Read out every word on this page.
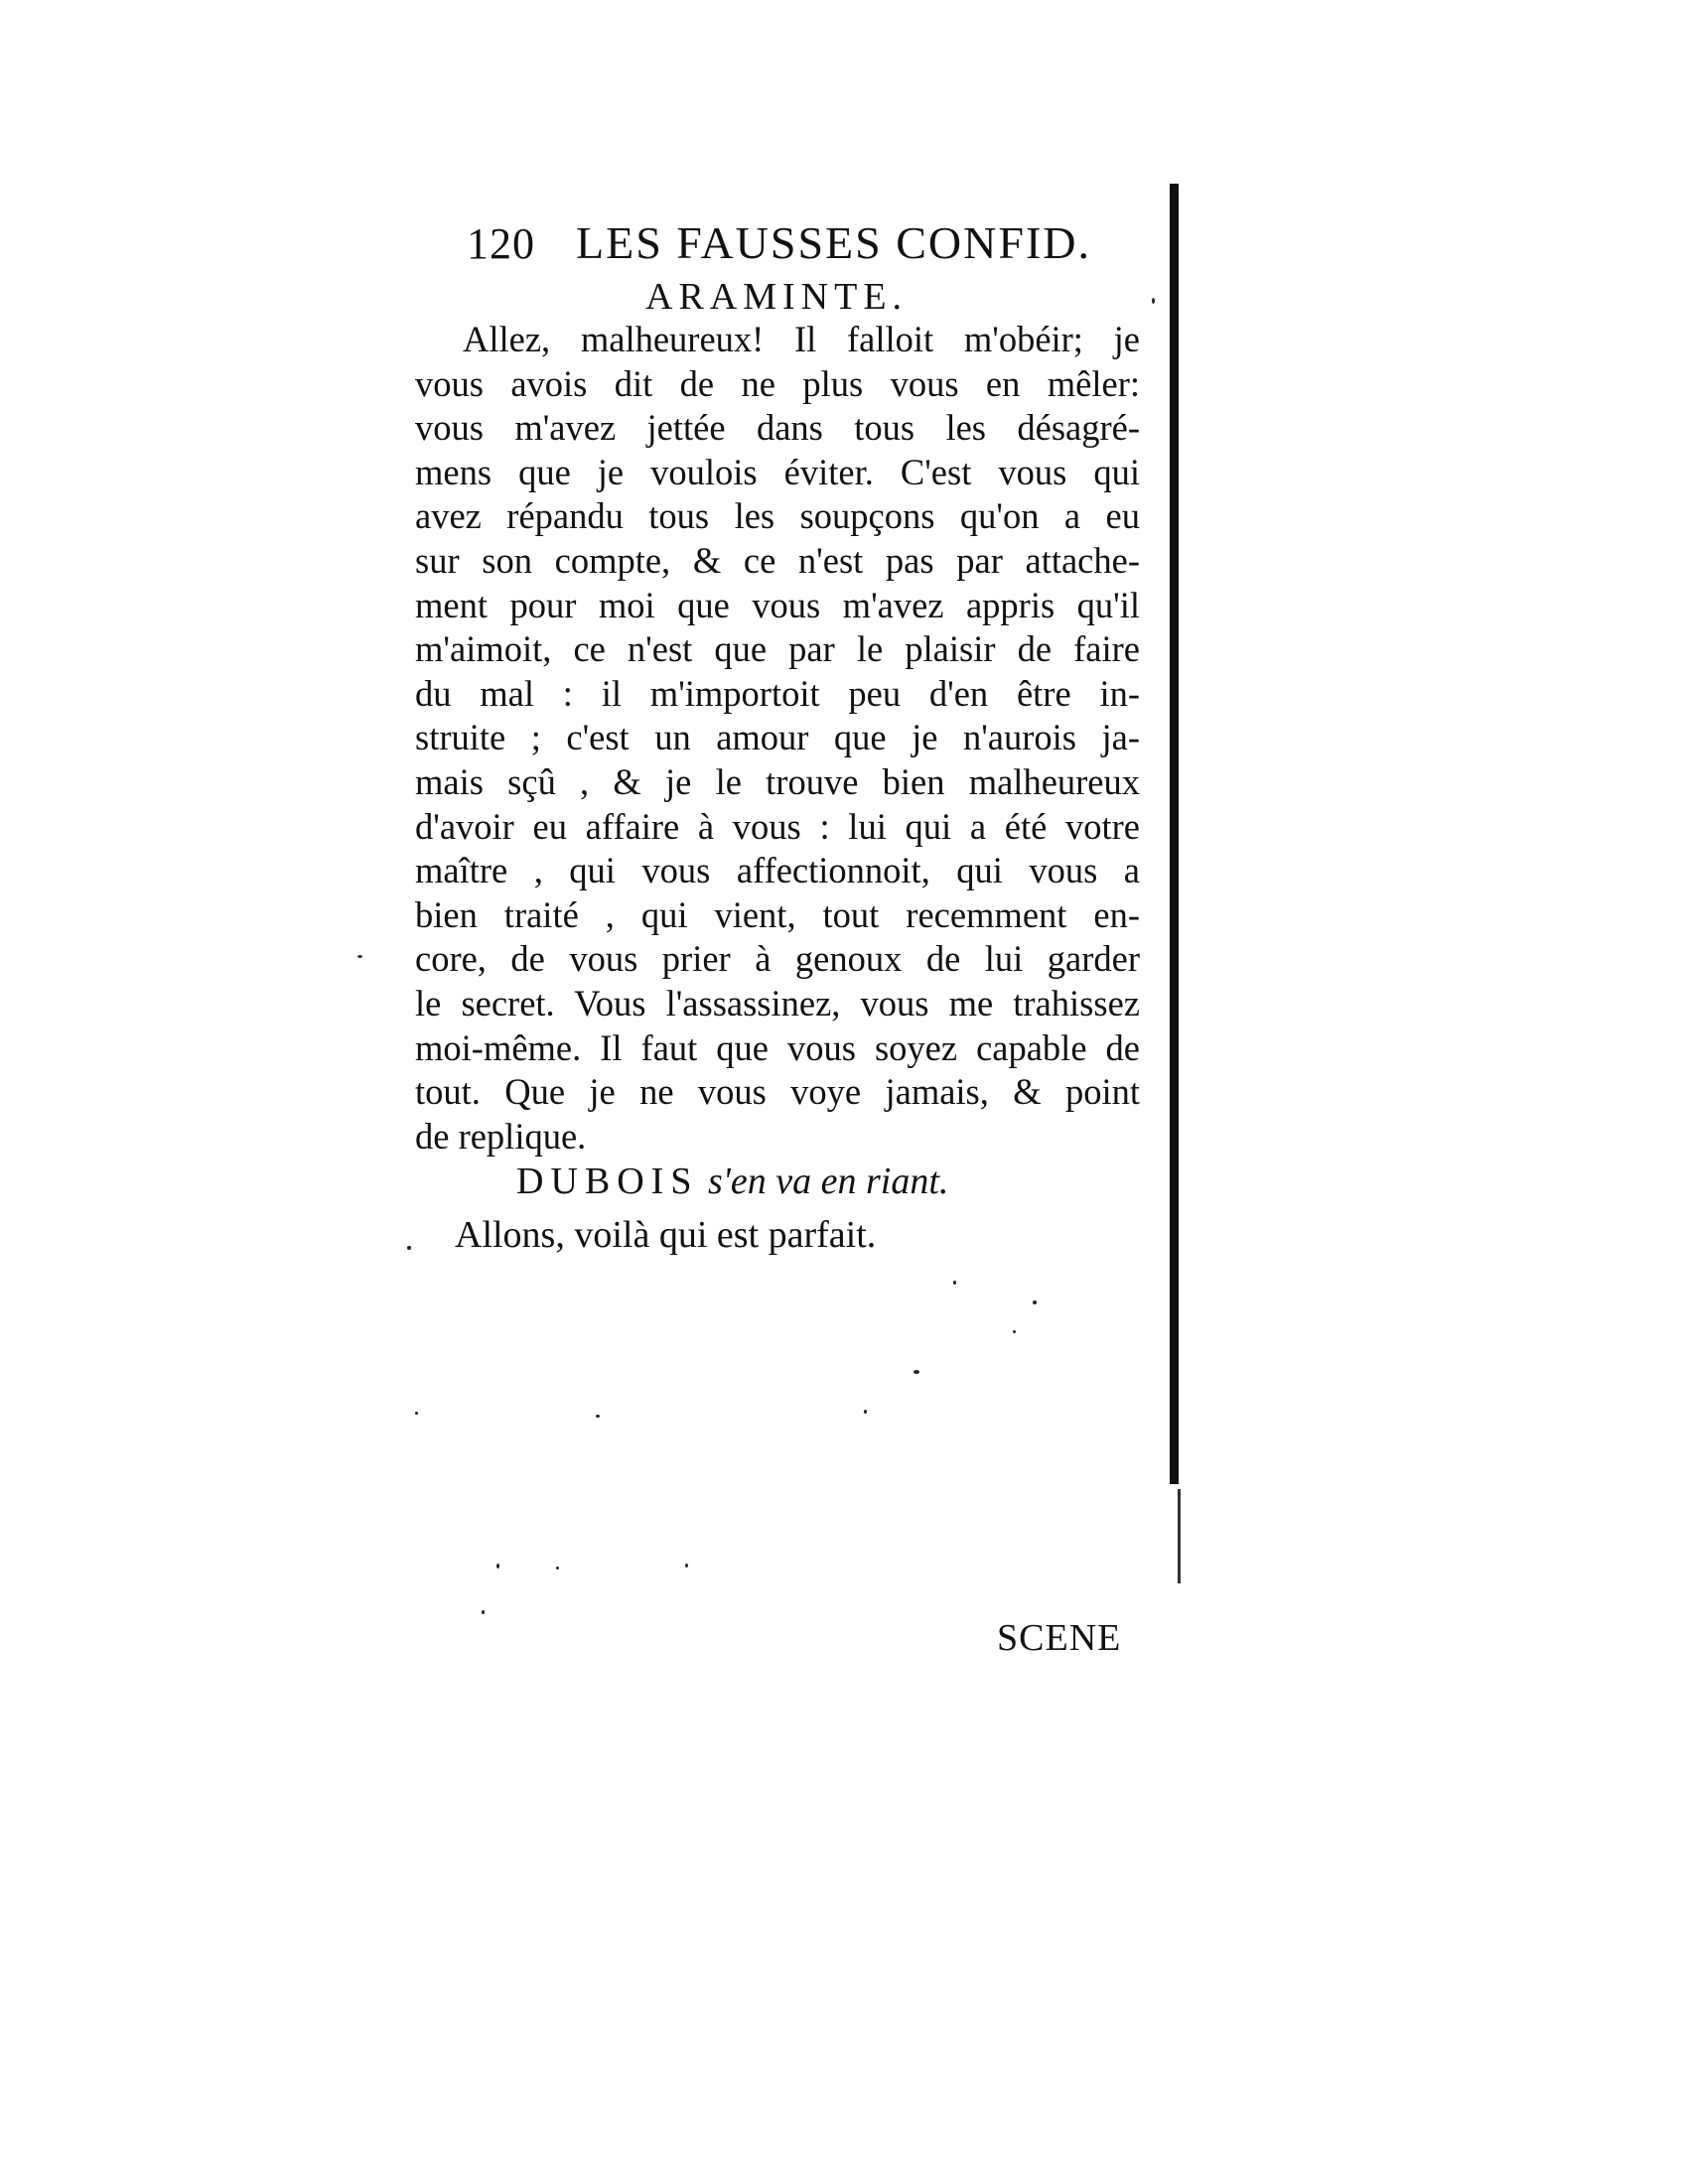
120 LES FAUSSES CONFID.
ARAMINTE.
Allez, malheureux! Il falloit m'obéir; je
vous avois dit de ne plus vous en mêler:
vous m'avez jettée dans tous les désagré-
mens que je voulois éviter. C'est vous qui
avez répandu tous les soupçons qu'on a eu
sur son compte, & ce n'est pas par attache-
ment pour moi que vous m'avez appris qu'il
m'aimoit, ce n'est que par le plaisir de faire
du mal : il m'importoit peu d'en être in-
struite ; c'est un amour que je n'aurois ja-
mais sçû , & je le trouve bien malheureux
d'avoir eu affaire à vous : lui qui a été votre
maître , qui vous affectionnoit, qui vous a
bien traité , qui vient, tout recemment en-
core, de vous prier à genoux de lui garder
le secret. Vous l'assassinez, vous me trahissez
moi-même. Il faut que vous soyez capable de
tout. Que je ne vous voye jamais, & point
de replique.
DUBOIS s'en va en riant.
Allons, voilà qui est parfait.
SCENE
